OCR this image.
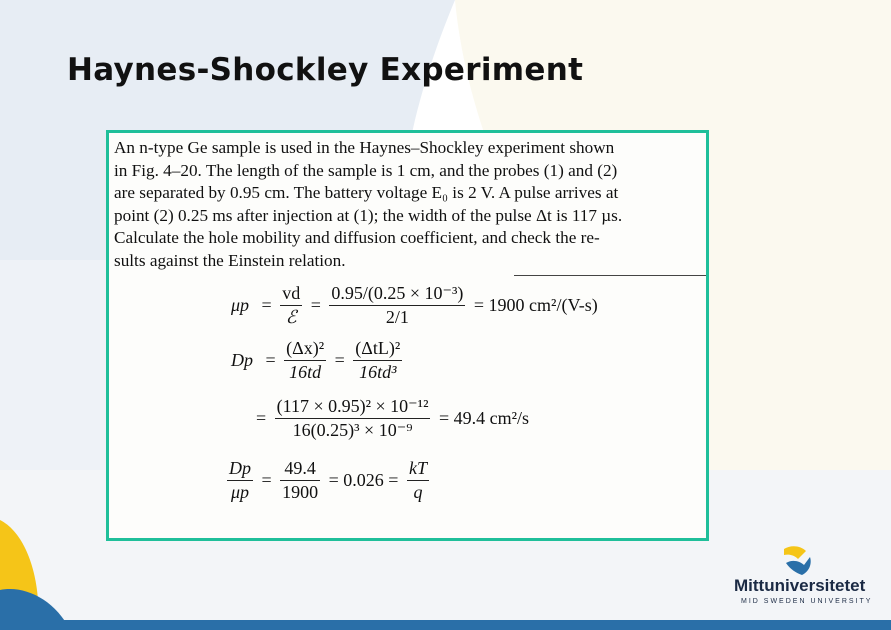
Haynes-Shockley Experiment
An n-type Ge sample is used in the Haynes–Shockley experiment shown
in Fig. 4–20. The length of the sample is 1 cm, and the probes (1) and (2)
are separated by 0.95 cm. The battery voltage E₀ is 2 V. A pulse arrives at
point (2) 0.25 ms after injection at (1); the width of the pulse Δt is 117 µs.
Calculate the hole mobility and diffusion coefficient, and check the re-
sults against the Einstein relation.
$\mu p = \frac{vd}{\text{ℰ}} = \frac{\text{0.95/(0.25 × 10⁻³)}}{2/1} = 1900$ cm²/(V-s)
$Dp = \frac{\text{(Δx)²}}{16td} = \frac{\text{(ΔtL)²}}{\text{16td³}}$
= $\frac{\text{(117 × 0.95)² × 10⁻¹²}}{\text{16(0.25)³ × 10⁻⁹}} = 49.4$ cm²/s
$\frac{Dp}{\mu p} = \frac{49.4}{1900} = 0.026 = \frac{kT}{q}$
Mittuniversitetet
MID SWEDEN UNIVERSITY
